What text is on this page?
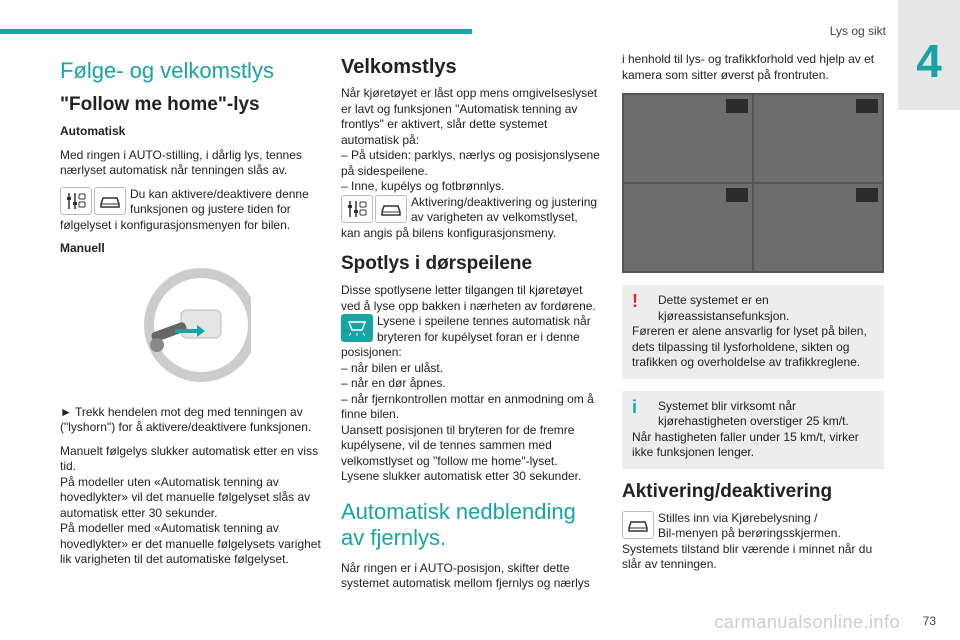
Lys og sikt
4
Følge- og velkomstlys
"Follow me home"-lys
Automatisk

Med ringen i AUTO-stilling, i dårlig lys, tennes nærlyset automatisk når tenningen slås av.

Du kan aktivere/deaktivere denne
funksjonen og justere tiden for
følgelyset i konfigurasjonsmenyen for bilen.
Manuell

► Trekk hendelen mot deg med tenningen av ("lyshorn") for å aktivere/deaktivere funksjonen.

Manuelt følgelys slukker automatisk etter en viss tid.
På modeller uten «Automatisk tenning av hovedlykter» vil det manuelle følgelyset slås av automatisk etter 30 sekunder.
På modeller med «Automatisk tenning av hovedlykter» er det manuelle følgelysets varighet lik varigheten til det automatiske følgelyset.
Velkomstlys
Når kjøretøyet er låst opp mens omgivelseslyset er lavt og funksjonen "Automatisk tenning av frontlys" er aktivert, slår dette systemet automatisk på:
– På utsiden: parklys, nærlys og posisjonslysene på sidespeilene.
– Inne, kupélys og fotbrønnlys.
Aktivering/deaktivering og justering
av varigheten av velkomstlyset,
kan angis på bilens konfigurasjonsmeny.
Spotlys i dørspeilene
Disse spotlysene letter tilgangen til kjøretøyet ved å lyse opp bakken i nærheten av fordørene.
Lysene i speilene tennes automatisk når
bryteren for kupélyset foran er i denne
posisjonen:
– når bilen er ulåst.
– når en dør åpnes.
– når fjernkontrollen mottar en anmodning om å finne bilen.
Uansett posisjonen til bryteren for de fremre kupélysene, vil de tennes sammen med velkomstlyset og "follow me home"-lyset.
Lysene slukker automatisk etter 30 sekunder.
Automatisk nedblending av fjernlys.
Når ringen er i AUTO-posisjon, skifter dette systemet automatisk mellom fjernlys og nærlys
i henhold til lys- og trafikkforhold ved hjelp av et kamera som sitter øverst på frontruten.
!	Dette systemet er en
kjøreassistansefunksjon.
Føreren er alene ansvarlig for lyset på bilen, dets tilpassing til lysforholdene, sikten og trafikken og overholdelse av trafikkreglene.
i	Systemet blir virksomt når
kjørehastigheten overstiger 25 km/t.
Når hastigheten faller under 15 km/t, virker ikke funksjonen lenger.
Aktivering/deaktivering
Stilles inn via Kjørebelysning /
Bil-menyen på berøringsskjermen.
Systemets tilstand blir værende i minnet når du slår av tenningen.
carmanualsonline.info 73
